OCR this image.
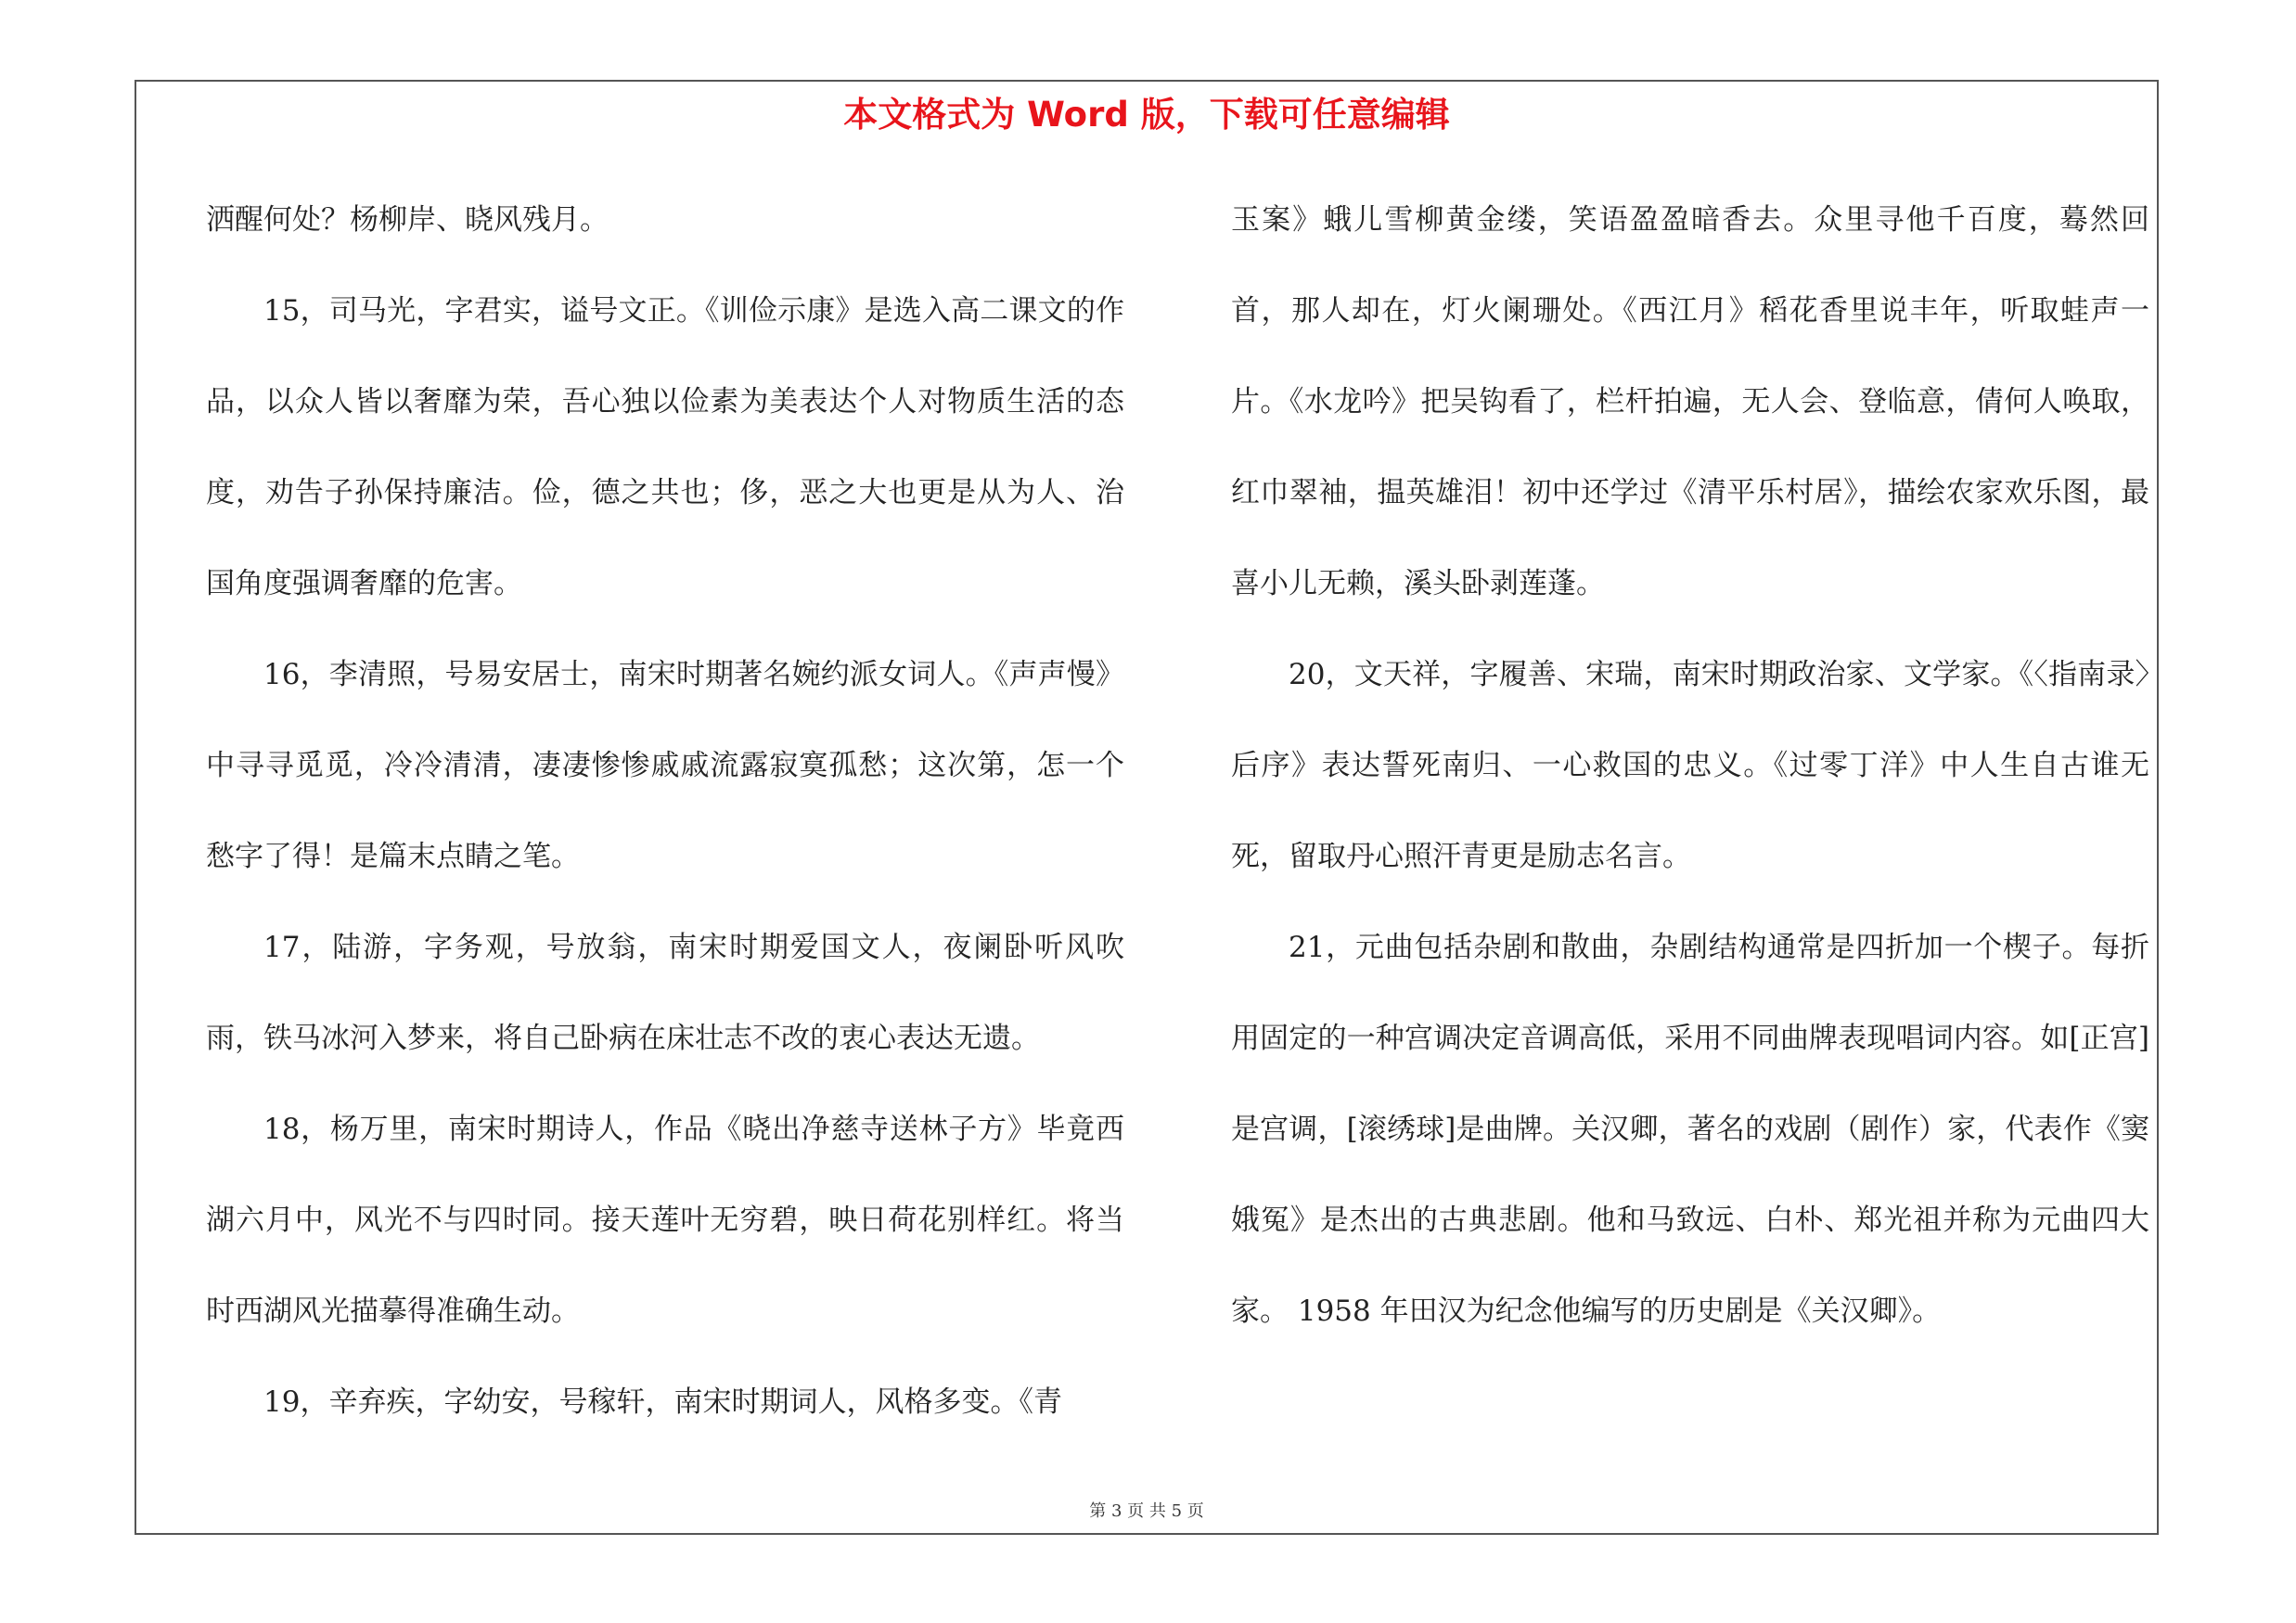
本文格式为 Word 版，下载可任意编辑

洒醒何处？杨柳岸、晓风残月。

15，司马光，字君实，谥号文正。《训俭示康》是选入高二课文的作品，以众人皆以奢靡为荣，吾心独以俭素为美表达个人对物质生活的态度，劝告子孙保持廉洁。俭，德之共也；侈，恶之大也更是从为人、治国角度强调奢靡的危害。

16，李清照，号易安居士，南宋时期著名婉约派女词人。《声声慢》中寻寻觅觅，冷冷清清，凄凄惨惨戚戚流露寂寞孤愁；这次第，怎一个愁字了得！是篇末点睛之笔。

17，陆游，字务观，号放翁，南宋时期爱国文人，夜阑卧听风吹雨，铁马冰河入梦来，将自己卧病在床壮志不改的衷心表达无遗。

18，杨万里，南宋时期诗人，作品《晓出净慈寺送林子方》毕竟西湖六月中，风光不与四时同。接天莲叶无穷碧，映日荷花别样红。将当时西湖风光描摹得准确生动。

19，辛弃疾，字幼安，号稼轩，南宋时期词人，风格多变。《青

玉案》蛾儿雪柳黄金缕，笑语盈盈暗香去。众里寻他千百度，蓦然回首，那人却在，灯火阑珊处。《西江月》稻花香里说丰年，听取蛙声一片。《水龙吟》把吴钩看了，栏杆拍遍，无人会、登临意，倩何人唤取，红巾翠袖，揾英雄泪！初中还学过《清平乐村居》，描绘农家欢乐图，最喜小儿无赖，溪头卧剥莲蓬。

20，文天祥，字履善、宋瑞，南宋时期政治家、文学家。《〈指南录〉后序》表达誓死南归、一心救国的忠义。《过零丁洋》中人生自古谁无死，留取丹心照汗青更是励志名言。

21，元曲包括杂剧和散曲，杂剧结构通常是四折加一个楔子。每折用固定的一种宫调决定音调高低，采用不同曲牌表现唱词内容。如[正宫]是宫调，[滚绣球]是曲牌。关汉卿，著名的戏剧（剧作）家，代表作《窦娥冤》是杰出的古典悲剧。他和马致远、白朴、郑光祖并称为元曲四大家。 1958 年田汉为纪念他编写的历史剧是《关汉卿》。

第 3 页 共 5 页
